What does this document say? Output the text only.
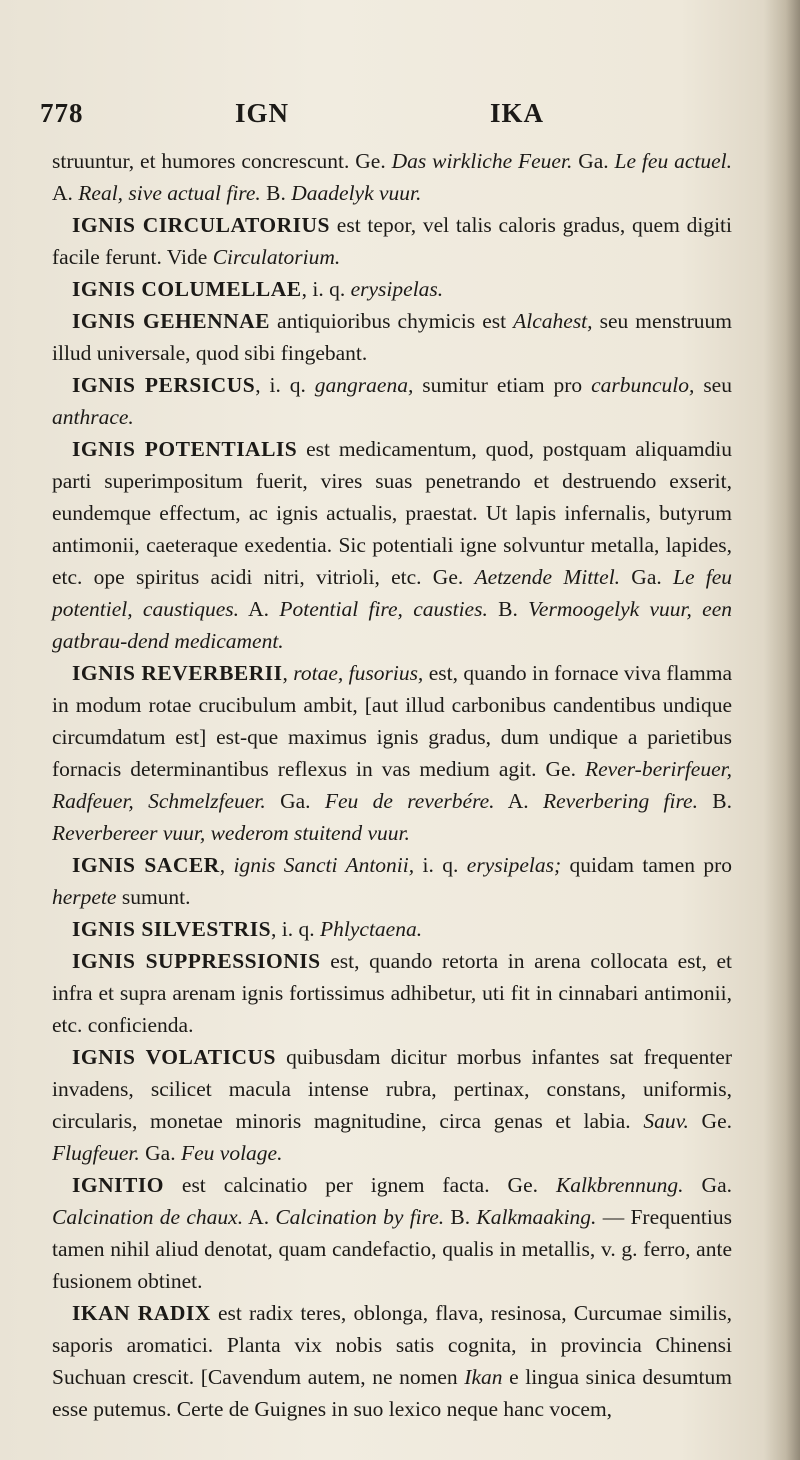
778	IGN	IKA

struuntur, et humores concrescunt. Ge. Das wirkliche Feuer. Ga. Le feu actuel. A. Real, sive actual fire. B. Daadelyk vuur.

IGNIS CIRCULATORIUS est tepor, vel talis caloris gradus, quem digiti facile ferunt. Vide Circulatorium.

IGNIS COLUMELLAE, i. q. erysipelas.

IGNIS GEHENNAE antiquioribus chymicis est Alcahest, seu menstruum illud universale, quod sibi fingebant.

IGNIS PERSICUS, i. q. gangraena, sumitur etiam pro carbunculo, seu anthrace.

IGNIS POTENTIALIS est medicamentum, quod, postquam aliquamdiu parti superimpositum fuerit, vires suas penetrando et destruendo exserit, eundemque effectum, ac ignis actualis, praestat. Ut lapis infernalis, butyrum antimonii, caeteraque exedentia. Sic potentiali igne solvuntur metalla, lapides, etc. ope spiritus acidi nitri, vitrioli, etc. Ge. Aetzende Mittel. Ga. Le feu potentiel, caustiques. A. Potential fire, causties. B. Vermoogelyk vuur, een gatbrau-dend medicament.

IGNIS REVERBERII, rotae, fusorius, est, quando in fornace viva flamma in modum rotae crucibulum ambit, [aut illud carbonibus candentibus undique circumdatum est] est-que maximus ignis gradus, dum undique a parietibus fornacis determinantibus reflexus in vas medium agit. Ge. Rever-berirfeuer, Radfeuer, Schmelzfeuer. Ga. Feu de reverbére. A. Reverbering fire. B. Reverbereer vuur, wederom stuitend vuur.

IGNIS SACER, ignis Sancti Antonii, i. q. erysipelas; quidam tamen pro herpete sumunt.

IGNIS SILVESTRIS, i. q. Phlyctaena.

IGNIS SUPPRESSIONIS est, quando retorta in arena collocata est, et infra et supra arenam ignis fortissimus adhibetur, uti fit in cinnabari antimonii, etc. conficienda.

IGNIS VOLATICUS quibusdam dicitur morbus infantes sat frequenter invadens, scilicet macula intense rubra, pertinax, constans, uniformis, circularis, monetae minoris magnitudine, circa genas et labia. Sauv. Ge. Flugfeuer. Ga. Feu volage.

IGNITIO est calcinatio per ignem facta. Ge. Kalkbrennung. Ga. Calcination de chaux. A. Calcination by fire. B. Kalkmaaking. — Frequentius tamen nihil aliud denotat, quam candefactio, qualis in metallis, v. g. ferro, ante fusionem obtinet.

IKAN RADIX est radix teres, oblonga, flava, resinosa, Curcumae similis, saporis aromatici. Planta vix nobis satis cognita, in provincia Chinensi Suchuan crescit. [Cavendum autem, ne nomen Ikan e lingua sinica desumtum esse putemus. Certe de Guignes in suo lexico neque hanc vocem,
